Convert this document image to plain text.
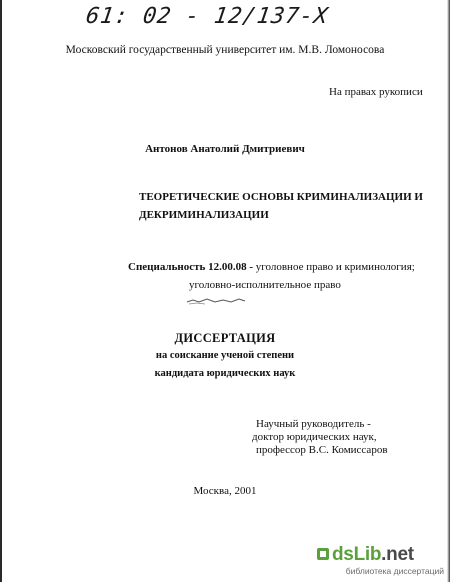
61: 02 - 12/137-X
Московский государственный университет им. М.В. Ломоносова
На правах рукописи
Антонов Анатолий Дмитриевич
ТЕОРЕТИЧЕСКИЕ ОСНОВЫ КРИМИНАЛИЗАЦИИ И
ДЕКРИМИНАЛИЗАЦИИ
Специальность 12.00.08 - уголовное право и криминология;
уголовно-исполнительное право
ДИССЕРТАЦИЯ
на соискание ученой степени
кандидата юридических наук
Научный руководитель -
доктор юридических наук,
профессор В.С. Комиссаров
Москва, 2001
dsLib.net
библиотека диссертаций
